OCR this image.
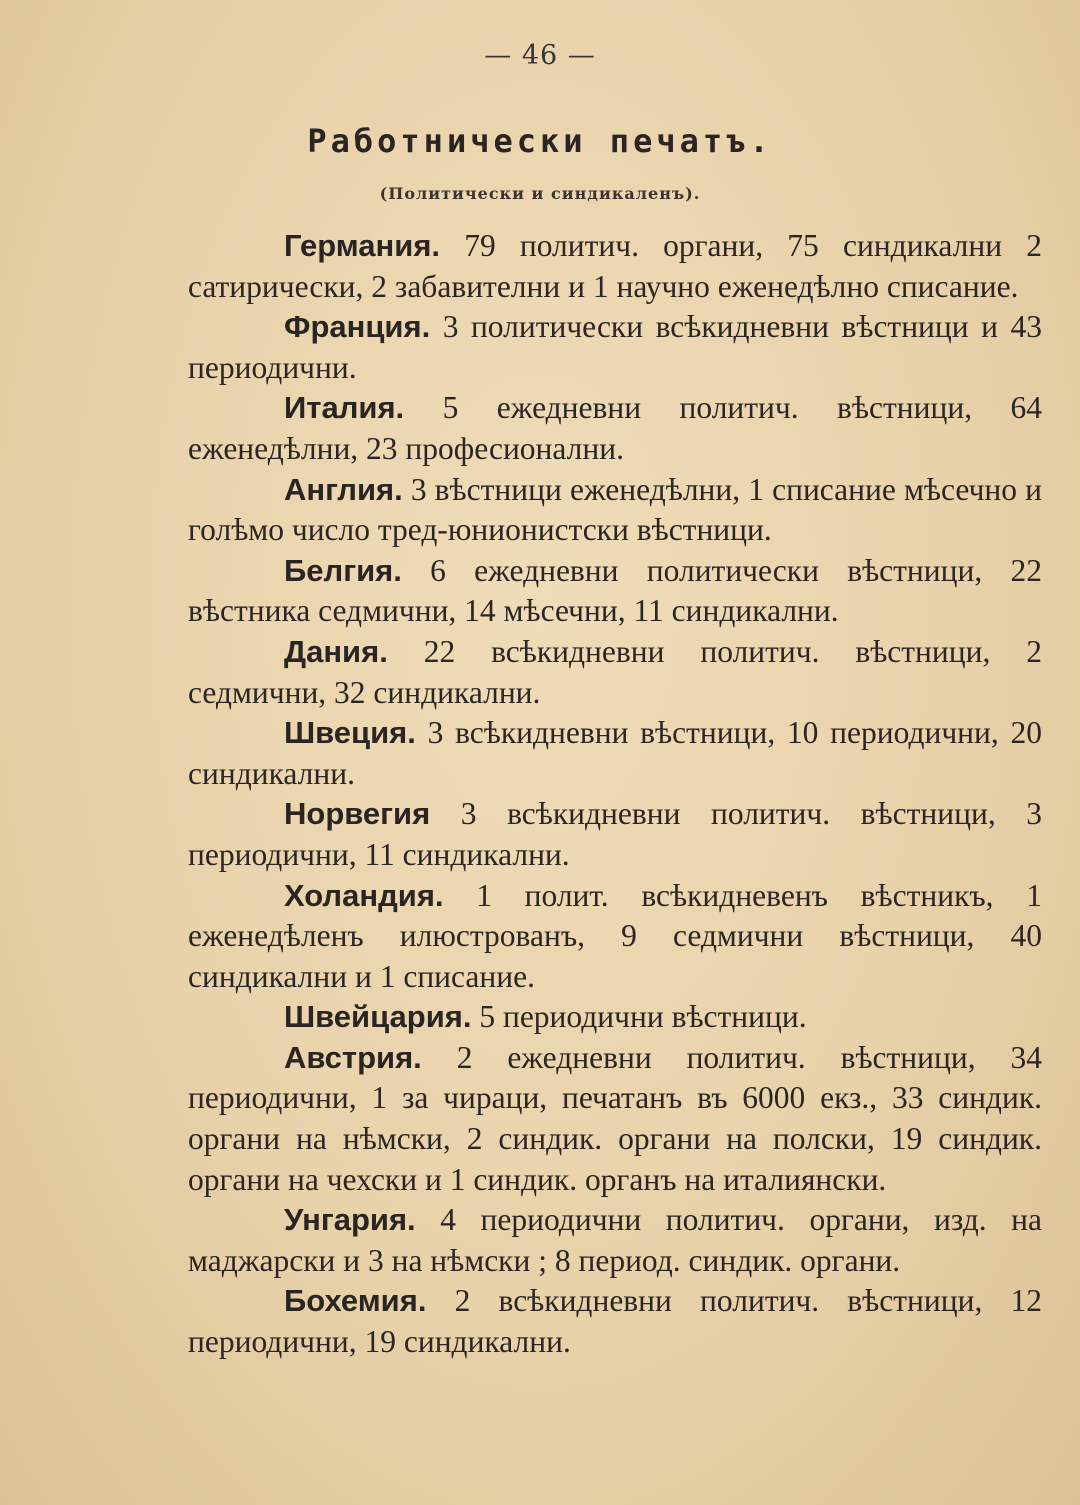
— 46 —
Работнически печатъ.
(Политически и синдикаленъ).

Германия. 79 политич. органи, 75 синдикални 2 сатирически, 2 забавителни и 1 научно еженедѣлно списание.

Франция. 3 политически всѣкидневни вѣстници и 43 периодични.

Италия. 5 ежедневни политич. вѣстници, 64 еженедѣлни, 23 професионални.

Англия. 3 вѣстници еженедѣлни, 1 списание мѣсечно и голѣмо число тред-юнионистски вѣстници.

Белгия. 6 ежедневни политически вѣстници, 22 вѣстника седмични, 14 мѣсечни, 11 синдикални.

Дания. 22 всѣкидневни политич. вѣстници, 2 седмични, 32 синдикални.

Швеция. 3 всѣкидневни вѣстници, 10 периодични, 20 синдикални.

Норвегия 3 всѣкидневни политич. вѣстници, 3 периодични, 11 синдикални.

Холандия. 1 полит. всѣкидневенъ вѣстникъ, 1 еженедѣленъ илюстрованъ, 9 седмични вѣстници, 40 синдикални и 1 списание.

Швейцария. 5 периодични вѣстници.

Австрия. 2 ежедневни политич. вѣстници, 34 периодични, 1 за чираци, печатанъ въ 6000 екз., 33 синдик. органи на нѣмски, 2 синдик. органи на полски, 19 синдик. органи на чехски и 1 синдик. органъ на италиянски.

Унгария. 4 периодични политич. органи, изд. на маджарски и 3 на нѣмски ; 8 период. синдик. органи.

Бохемия. 2 всѣкидневни политич. вѣстници, 12 периодични, 19 синдикални.
